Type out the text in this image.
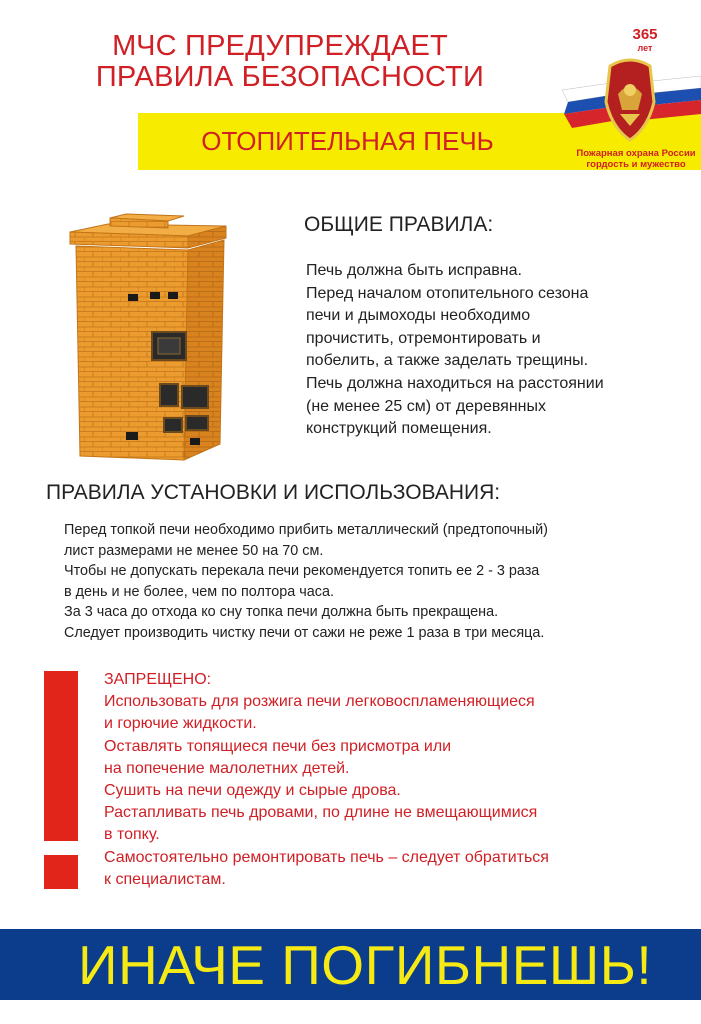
МЧС ПРЕДУПРЕЖДАЕТ
ПРАВИЛА БЕЗОПАСНОСТИ
ОТОПИТЕЛЬНАЯ ПЕЧЬ
365
лет
Пожарная охрана России
гордость и мужество
ОБЩИЕ ПРАВИЛА:
Печь должна быть исправна.
Перед началом отопительного сезона
печи и дымоходы необходимо
прочистить, отремонтировать и
побелить, а также заделать трещины.
Печь должна находиться на расстоянии
(не менее 25 см) от деревянных
конструкций помещения.
ПРАВИЛА УСТАНОВКИ И ИСПОЛЬЗОВАНИЯ:
Перед топкой печи необходимо прибить металлический (предтопочный)
лист размерами не менее 50 на 70 см.
Чтобы не допускать перекала печи рекомендуется топить ее 2 - 3 раза
в день и не более, чем по полтора часа.
За 3 часа до отхода ко сну топка печи должна быть прекращена.
Следует производить чистку печи от сажи не реже 1 раза в три месяца.
ЗАПРЕЩЕНО:
Использовать для розжига печи легковоспламеняющиеся
и горючие жидкости.
Оставлять топящиеся печи без присмотра или
на попечение малолетних детей.
Сушить на печи одежду и сырые дрова.
Растапливать печь дровами, по длине не вмещающимися
в топку.
Самостоятельно ремонтировать печь – следует обратиться
к специалистам.
ИНАЧЕ ПОГИБНЕШЬ!
